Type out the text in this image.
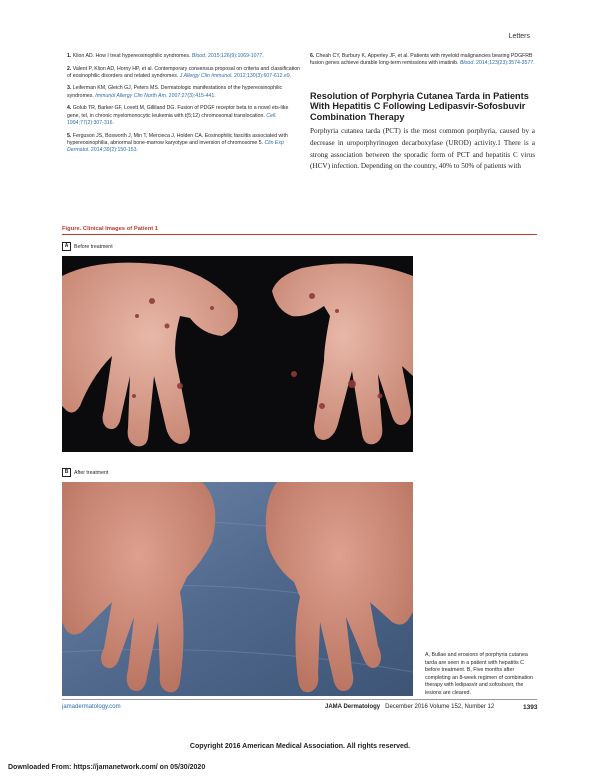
Letters
1. Klion AD. How I treat hypereosinophilic syndromes. Blood. 2015;126(9):1069-1077.
2. Valent P, Klion AD, Horny HP, et al. Contemporary consensus proposal on criteria and classification of eosinophilic disorders and related syndromes. J Allergy Clin Immunol. 2012;130(3):607-612.e9.
3. Leiferman KM, Gleich GJ, Peters MS. Dermatologic manifestations of the hypereosinophilic syndromes. Immunol Allergy Clin North Am. 2007;27(3):415-441.
4. Golub TR, Barker GF, Lovett M, Gilliland DG. Fusion of PDGF receptor beta to a novel ets-like gene, tel, in chronic myelomonocytic leukemia with t(5;12) chromosomal translocation. Cell. 1994;77(2):307-316.
5. Ferguson JS, Bosworth J, Min T, Mercieca J, Holden CA. Eosinophilic fasciitis associated with hypereosinophilia, abnormal bone-marrow karyotype and inversion of chromosome 5. Clin Exp Dermatol. 2014;39(2):150-153.
6. Cheah CY, Burbury K, Apperley JF, et al. Patients with myeloid malignancies bearing PDGFRB fusion genes achieve durable long-term remissions with imatinib. Blood. 2014;123(23):3574-3577.
Resolution of Porphyria Cutanea Tarda in Patients With Hepatitis C Following Ledipasvir-Sofosbuvir Combination Therapy
Porphyria cutanea tarda (PCT) is the most common porphyria, caused by a decrease in uroporphyrinogen decarboxylase (UROD) activity.1 There is a strong association between the sporadic form of PCT and hepatitis C virus (HCV) infection. Depending on the country, 40% to 50% of patients with
Figure. Clinical Images of Patient 1
A	Before treatment
B	After treatment
A, Bullae and erosions of porphyria cutanea tarda are seen in a patient with hepatitis C before treatment. B, Five months after completing an 8-week regimen of combination therapy with ledipasvir and sofosbuvir, the lesions are cleared.
jamadermatology.com	JAMA Dermatology December 2016 Volume 152, Number 12	1393
Copyright 2016 American Medical Association. All rights reserved.
Downloaded From: https://jamanetwork.com/ on 05/30/2020
